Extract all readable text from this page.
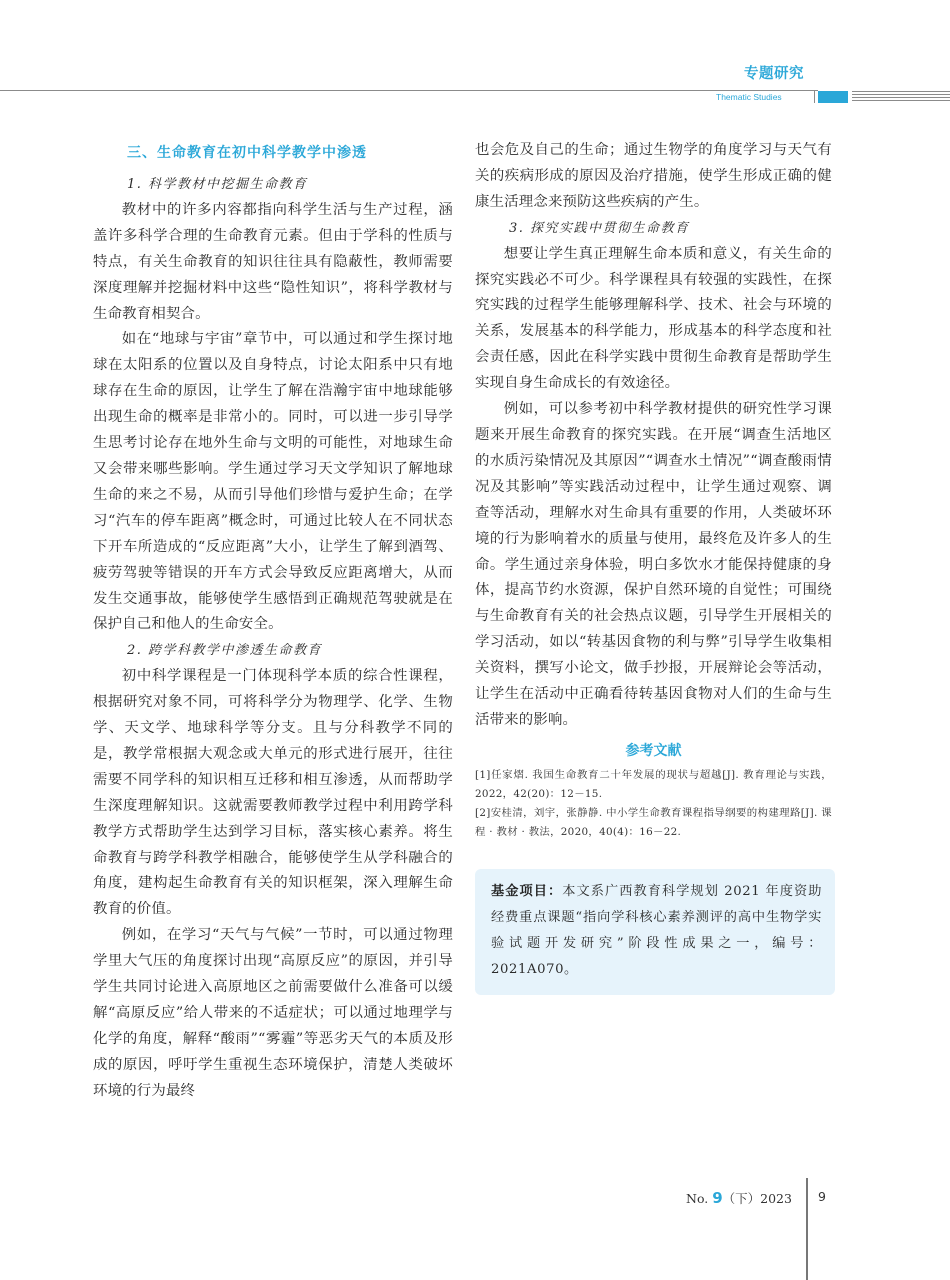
专题研究
Thematic Studies
三、生命教育在初中科学教学中渗透
1. 科学教材中挖掘生命教育

教材中的许多内容都指向科学生活与生产过程，涵盖许多科学合理的生命教育元素。但由于学科的性质与特点，有关生命教育的知识往往具有隐蔽性，教师需要深度理解并挖掘材料中这些“隐性知识”，将科学教材与生命教育相契合。

如在“地球与宇宙”章节中，可以通过和学生探讨地球在太阳系的位置以及自身特点，讨论太阳系中只有地球存在生命的原因，让学生了解在浩瀚宇宙中地球能够出现生命的概率是非常小的。同时，可以进一步引导学生思考讨论存在地外生命与文明的可能性，对地球生命又会带来哪些影响。学生通过学习天文学知识了解地球生命的来之不易，从而引导他们珍惜与爱护生命；在学习“汽车的停车距离”概念时，可通过比较人在不同状态下开车所造成的“反应距离”大小，让学生了解到酒驾、疲劳驾驶等错误的开车方式会导致反应距离增大，从而发生交通事故，能够使学生感悟到正确规范驾驶就是在保护自己和他人的生命安全。

2. 跨学科教学中渗透生命教育

初中科学课程是一门体现科学本质的综合性课程，根据研究对象不同，可将科学分为物理学、化学、生物学、天文学、地球科学等分支。且与分科教学不同的是，教学常根据大观念或大单元的形式进行展开，往往需要不同学科的知识相互迁移和相互渗透，从而帮助学生深度理解知识。这就需要教师教学过程中利用跨学科教学方式帮助学生达到学习目标，落实核心素养。将生命教育与跨学科教学相融合，能够使学生从学科融合的角度，建构起生命教育有关的知识框架，深入理解生命教育的价值。

例如，在学习“天气与气候”一节时，可以通过物理学里大气压的角度探讨出现“高原反应”的原因，并引导学生共同讨论进入高原地区之前需要做什么准备可以缓解“高原反应”给人带来的不适症状；可以通过地理学与化学的角度，解释“酸雨”“雾霾”等恶劣天气的本质及形成的原因，呼吁学生重视生态环境保护，清楚人类破坏环境的行为最终

也会危及自己的生命；通过生物学的角度学习与天气有关的疾病形成的原因及治疗措施，使学生形成正确的健康生活理念来预防这些疾病的产生。

3. 探究实践中贯彻生命教育

想要让学生真正理解生命本质和意义，有关生命的探究实践必不可少。科学课程具有较强的实践性，在探究实践的过程学生能够理解科学、技术、社会与环境的关系，发展基本的科学能力，形成基本的科学态度和社会责任感，因此在科学实践中贯彻生命教育是帮助学生实现自身生命成长的有效途径。

例如，可以参考初中科学教材提供的研究性学习课题来开展生命教育的探究实践。在开展“调查生活地区的水质污染情况及其原因”“调查水土情况”“调查酸雨情况及其影响”等实践活动过程中，让学生通过观察、调查等活动，理解水对生命具有重要的作用，人类破坏环境的行为影响着水的质量与使用，最终危及许多人的生命。学生通过亲身体验，明白多饮水才能保持健康的身体，提高节约水资源，保护自然环境的自觉性；可围绕与生命教育有关的社会热点议题，引导学生开展相关的学习活动，如以“转基因食物的利与弊”引导学生收集相关资料，撰写小论文，做手抄报，开展辩论会等活动，让学生在活动中正确看待转基因食物对人们的生命与生活带来的影响。

参考文献

[1]任家熠. 我国生命教育二十年发展的现状与超越[J]. 教育理论与实践，2022，42(20)：12－15.

[2]安桂清，刘宇，张静静. 中小学生命教育课程指导纲要的构建理路[J]. 课程 · 教材 · 教法，2020，40(4)：16－22.

基金项目：本文系广西教育科学规划 2021 年度资助经费重点课题“指向学科核心素养测评的高中生物学实验试题开发研究”阶段性成果之一，编号：2021A070。

No. 9（下）2023	9
